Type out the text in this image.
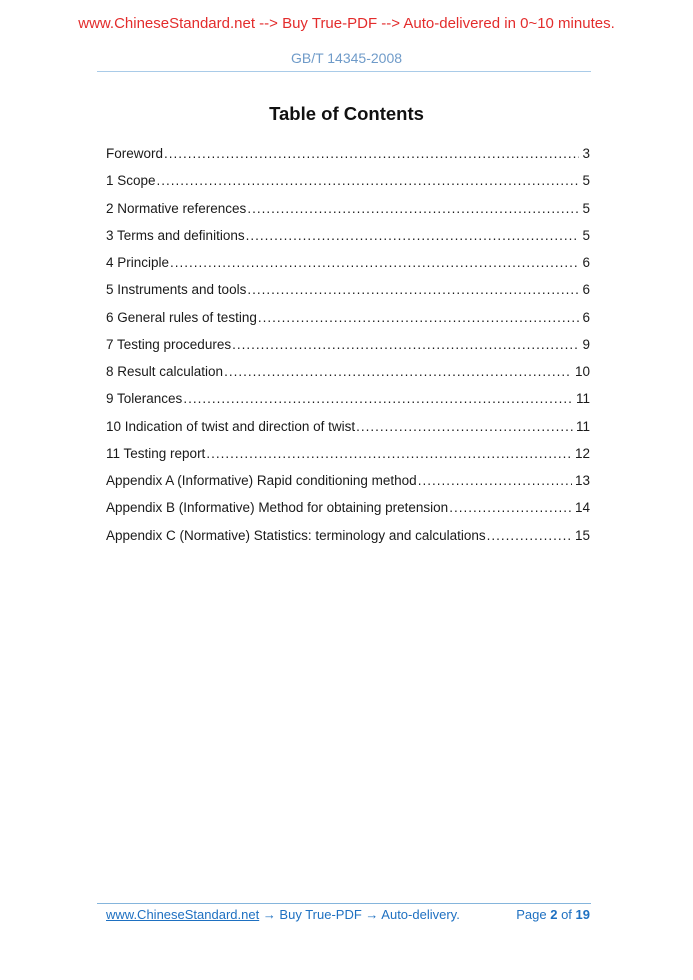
www.ChineseStandard.net --> Buy True-PDF --> Auto-delivered in 0~10 minutes.
GB/T 14345-2008
Table of Contents
Foreword .....	3
1 Scope .....	5
2 Normative references .....	5
3 Terms and definitions .....	5
4 Principle .....	6
5 Instruments and tools .....	6
6 General rules of testing .....	6
7 Testing procedures .....	9
8 Result calculation .....	10
9 Tolerances .....	11
10 Indication of twist and direction of twist .....	11
11 Testing report .....	12
Appendix A (Informative) Rapid conditioning method .....	13
Appendix B (Informative) Method for obtaining pretension .....	14
Appendix C (Normative) Statistics: terminology and calculations .....	15
www.ChineseStandard.net → Buy True-PDF → Auto-delivery.	Page 2 of 19
